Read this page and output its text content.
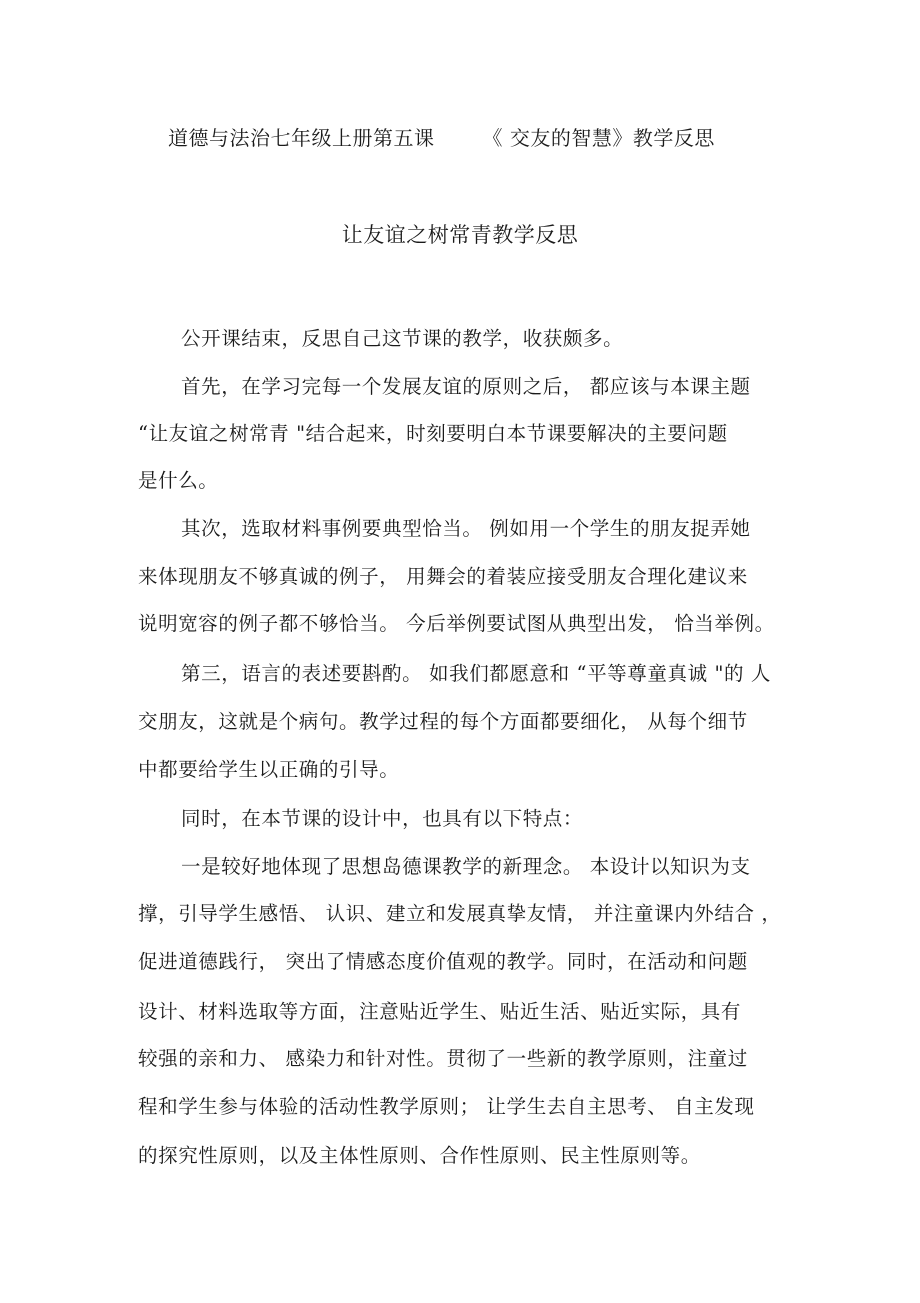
道德与法治七年级上册第五课 《 交友的智慧》教学反思
让友谊之树常青教学反思
公开课结束，反思自己这节课的教学，收获颇多。
首先，在学习完每一个发展友谊的原则之后， 都应该与本课主题
“让友谊之树常青 "结合起来，时刻要明白本节课要解决的主要问题
是什么。
其次，选取材料事例要典型恰当。 例如用一个学生的朋友捉弄她
来体现朋友不够真诚的例子， 用舞会的着装应接受朋友合理化建议来
说明宽容的例子都不够恰当。 今后举例要试图从典型出发， 恰当举例。
第三，语言的表述要斟酌。 如我们都愿意和 “平等尊童真诚 "的 人
交朋友，这就是个病句。教学过程的每个方面都要细化， 从每个细节
中都要给学生以正确的引导。
同时，在本节课的设计中，也具有以下特点：
一是较好地体现了思想岛德课教学的新理念。 本设计以知识为支
撑，引导学生感悟、 认识、建立和发展真挚友情， 并注童课内外结合 ，
促进道德践行， 突出了情感态度价值观的教学。同时，在活动和问题
设计、材料选取等方面，注意贴近学生、贴近生活、贴近实际，具有
较强的亲和力、 感染力和针对性。贯彻了一些新的教学原则，注童过
程和学生参与体验的活动性教学原则； 让学生去自主思考、 自主发现
的探究性原则，以及主体性原则、合作性原则、民主性原则等。
